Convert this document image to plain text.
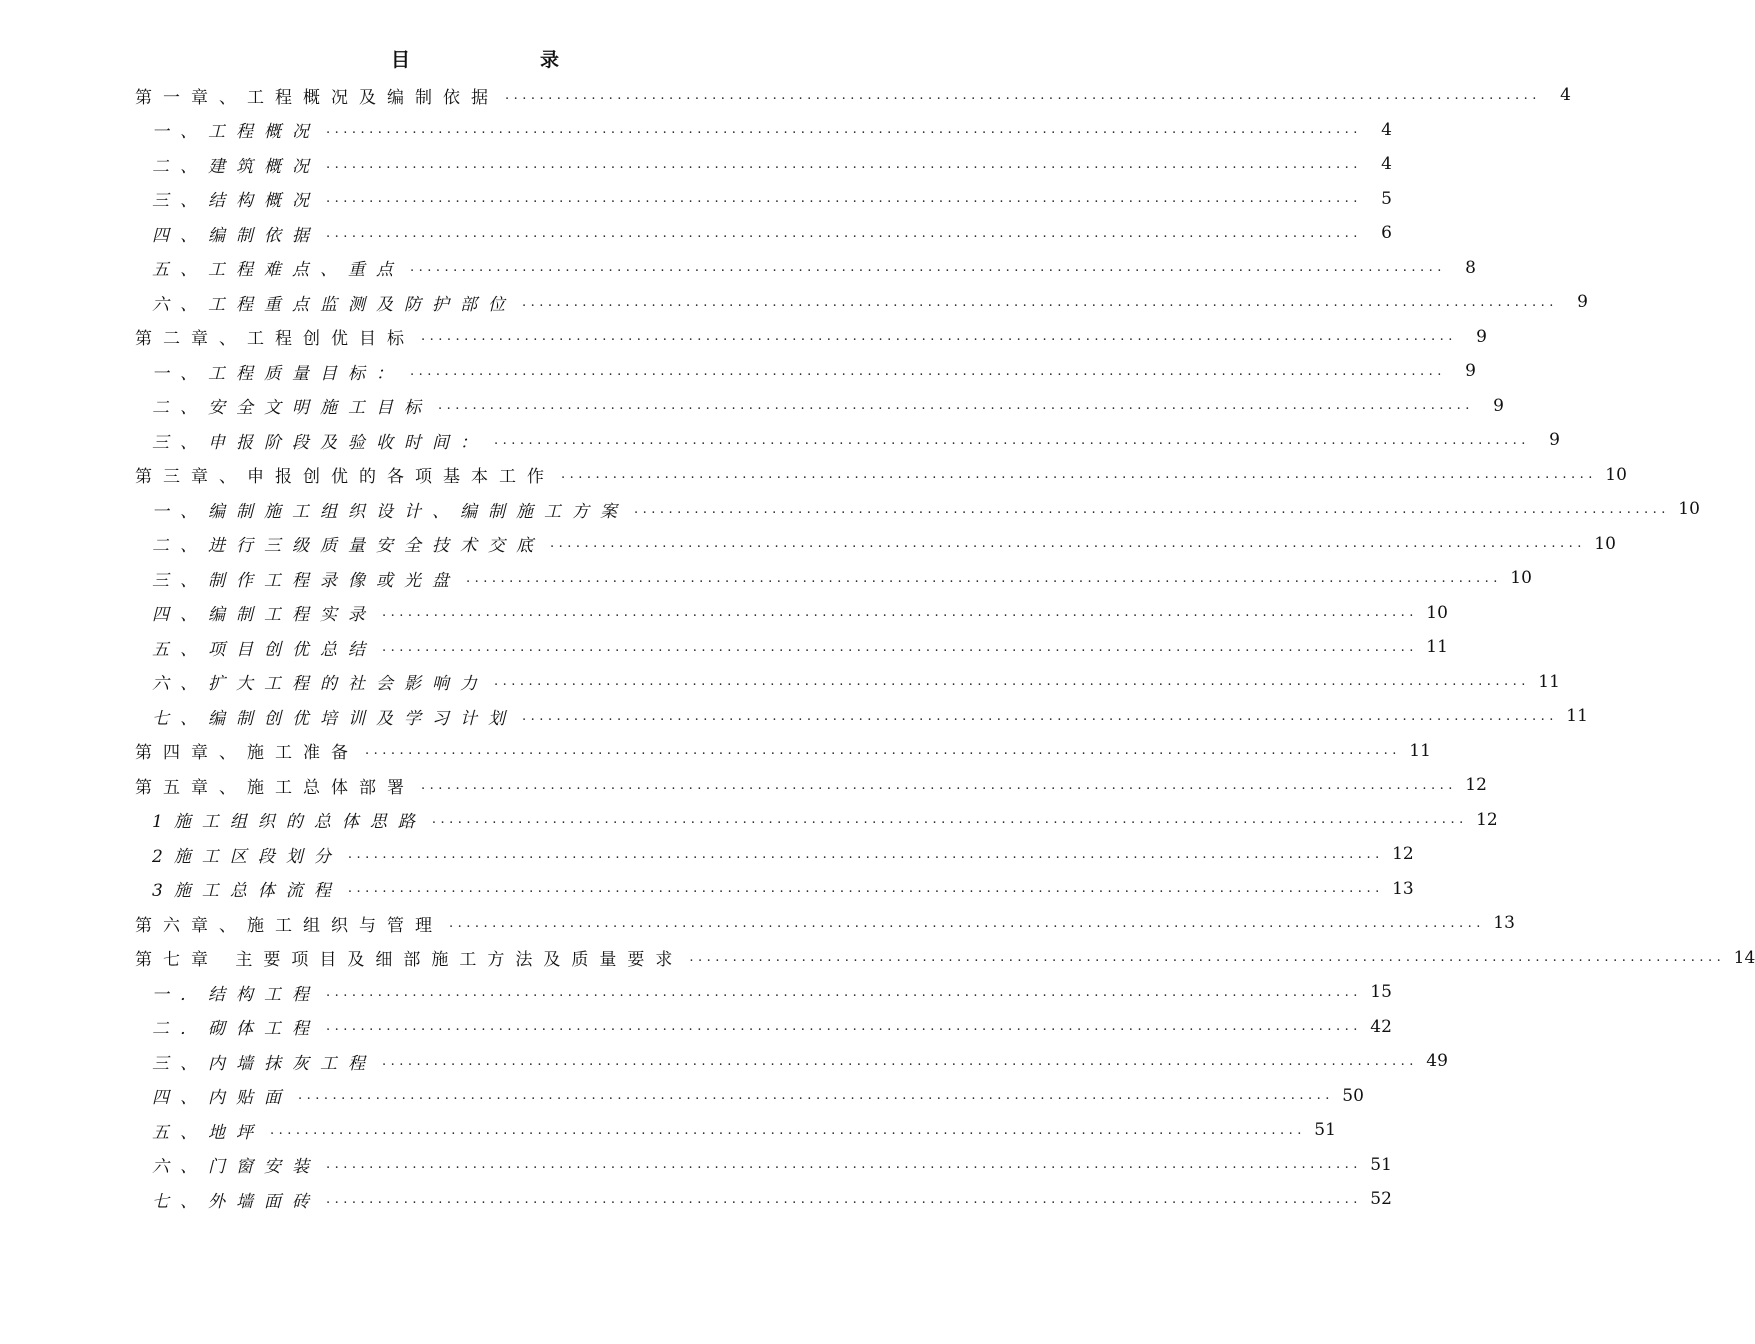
目录
第一章、工程概况及编制依据 ........................................................................................................................	4
一、工程概况 ........................................................................................................................	4
二、建筑概况 ........................................................................................................................	4
三、结构概况 ........................................................................................................................	5
四、编制依据 ........................................................................................................................	6
五、工程难点、重点 ........................................................................................................................	8
六、工程重点监测及防护部位 ........................................................................................................................	9
第二章、工程创优目标 ........................................................................................................................	9
一、工程质量目标： ........................................................................................................................	9
二、安全文明施工目标 ........................................................................................................................	9
三、申报阶段及验收时间： ........................................................................................................................	9
第三章、申报创优的各项基本工作 ........................................................................................................................ 10
一、编制施工组织设计、编制施工方案 ........................................................................................................................ 10
二、进行三级质量安全技术交底 ........................................................................................................................ 10
三、制作工程录像或光盘 ........................................................................................................................ 10
四、编制工程实录 ........................................................................................................................ 10
五、项目创优总结 ........................................................................................................................ 11
六、扩大工程的社会影响力 ........................................................................................................................ 11
七、编制创优培训及学习计划 ........................................................................................................................ 11
第四章、施工准备 ........................................................................................................................ 11
第五章、施工总体部署 ........................................................................................................................ 12
1施工组织的总体思路 ........................................................................................................................ 12
2施工区段划分 ........................................................................................................................ 12
3施工总体流程 ........................................................................................................................ 13
第六章、施工组织与管理 ........................................................................................................................ 13
第七章 主要项目及细部施工方法及质量要求 ........................................................................................................................ 14
一．结构工程 ........................................................................................................................ 15
二．砌体工程 ........................................................................................................................ 42
三、内墙抹灰工程 ........................................................................................................................ 49
四、内贴面 ........................................................................................................................ 50
五、地坪 ........................................................................................................................ 51
六、门窗安装 ........................................................................................................................ 51
七、外墙面砖 ........................................................................................................................ 52
